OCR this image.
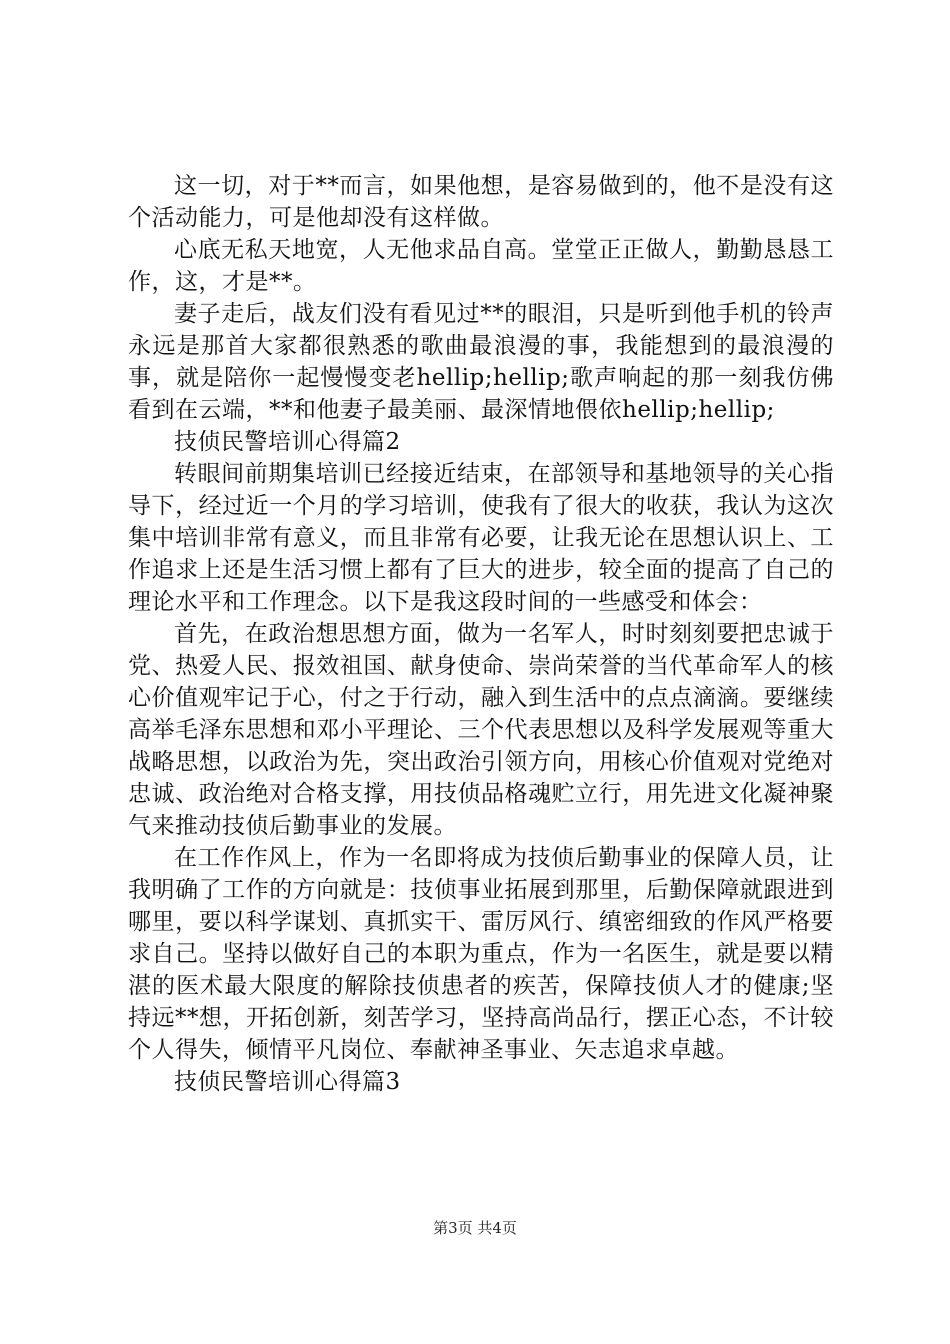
这一切，对于**而言，如果他想，是容易做到的，他不是没有这个活动能力，可是他却没有这样做。

心底无私天地宽，人无他求品自高。堂堂正正做人，勤勤恳恳工作，这，才是**。

妻子走后，战友们没有看见过**的眼泪，只是听到他手机的铃声永远是那首大家都很熟悉的歌曲最浪漫的事，我能想到的最浪漫的事，就是陪你一起慢慢变老hellip;hellip;歌声响起的那一刻我仿佛看到在云端，**和他妻子最美丽、最深情地偎依hellip;hellip;

技侦民警培训心得篇2

转眼间前期集培训已经接近结束，在部领导和基地领导的关心指导下，经过近一个月的学习培训，使我有了很大的收获，我认为这次集中培训非常有意义，而且非常有必要，让我无论在思想认识上、工作追求上还是生活习惯上都有了巨大的进步，较全面的提高了自己的理论水平和工作理念。以下是我这段时间的一些感受和体会：

首先，在政治想思想方面，做为一名军人，时时刻刻要把忠诚于党、热爱人民、报效祖国、献身使命、崇尚荣誉的当代革命军人的核心价值观牢记于心，付之于行动，融入到生活中的点点滴滴。要继续高举毛泽东思想和邓小平理论、三个代表思想以及科学发展观等重大战略思想，以政治为先，突出政治引领方向，用核心价值观对党绝对忠诚、政治绝对合格支撑，用技侦品格魂贮立行，用先进文化凝神聚气来推动技侦后勤事业的发展。

在工作作风上，作为一名即将成为技侦后勤事业的保障人员，让我明确了工作的方向就是：技侦事业拓展到那里，后勤保障就跟进到哪里，要以科学谋划、真抓实干、雷厉风行、缜密细致的作风严格要求自己。坚持以做好自己的本职为重点，作为一名医生，就是要以精湛的医术最大限度的解除技侦患者的疾苦，保障技侦人才的健康;坚持远**想，开拓创新，刻苦学习，坚持高尚品行，摆正心态，不计较个人得失，倾情平凡岗位、奉献神圣事业、矢志追求卓越。

技侦民警培训心得篇3

第3页 共4页
